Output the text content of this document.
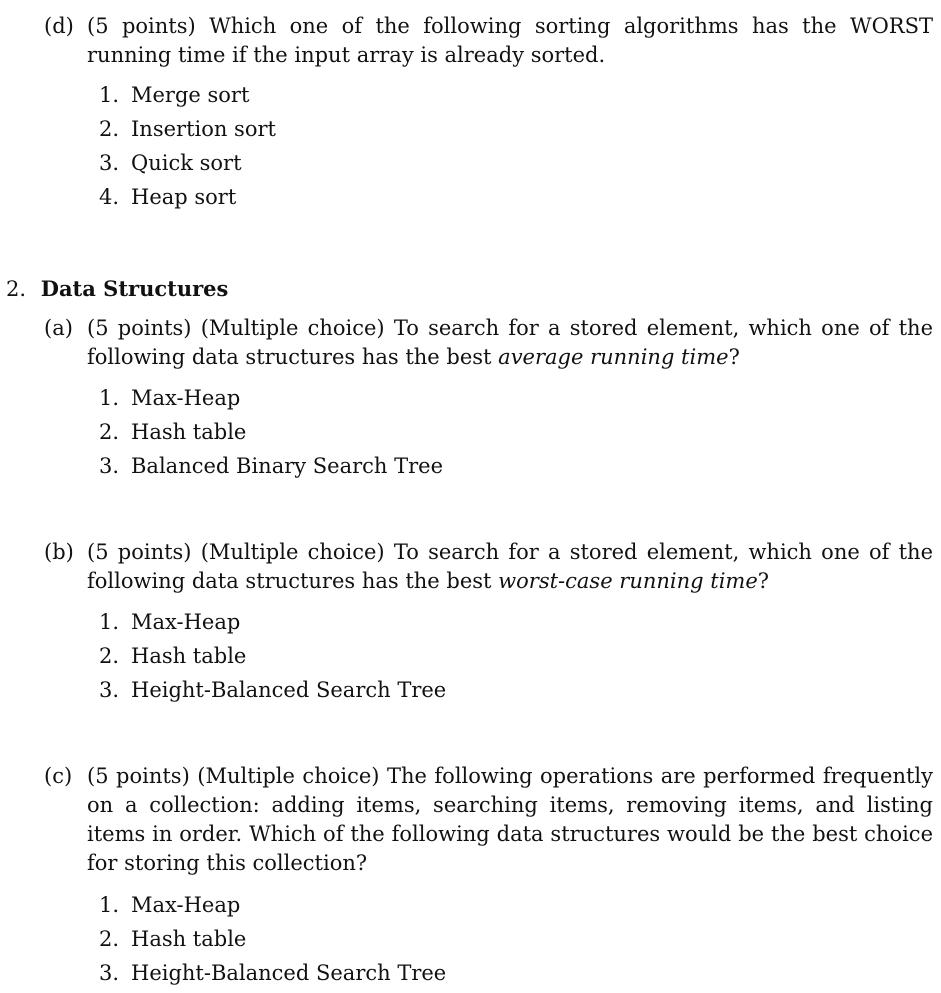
(d) (5 points) Which one of the following sorting algorithms has the WORST running time if the input array is already sorted.
1. Merge sort
2. Insertion sort
3. Quick sort
4. Heap sort
2. Data Structures
(a) (5 points) (Multiple choice) To search for a stored element, which one of the following data structures has the best average running time?
1. Max-Heap
2. Hash table
3. Balanced Binary Search Tree
(b) (5 points) (Multiple choice) To search for a stored element, which one of the following data structures has the best worst-case running time?
1. Max-Heap
2. Hash table
3. Height-Balanced Search Tree
(c) (5 points) (Multiple choice) The following operations are performed frequently on a collection: adding items, searching items, removing items, and listing items in order. Which of the following data structures would be the best choice for storing this collection?
1. Max-Heap
2. Hash table
3. Height-Balanced Search Tree
